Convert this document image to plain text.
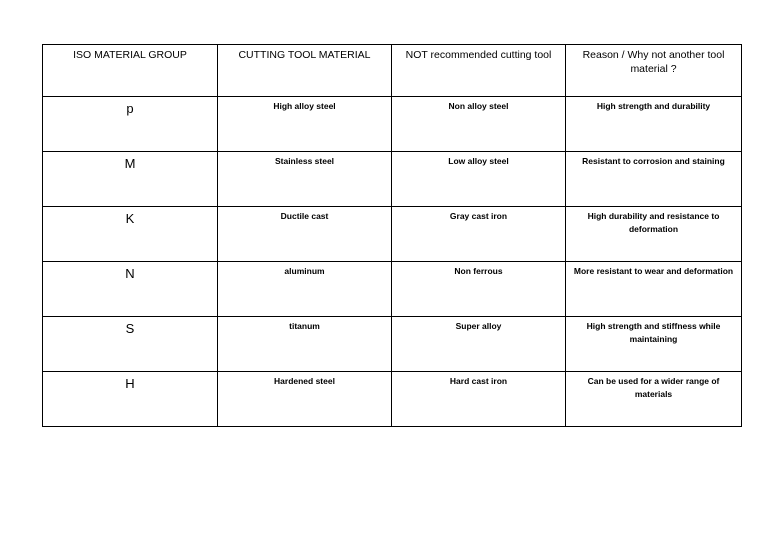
ISO MATERIAL GROUP	CUTTING TOOL MATERIAL	NOT recommended cutting tool	Reason / Why not another tool material ?
p	High alloy steel	Non alloy steel	High strength and durability
M	Stainless steel	Low alloy steel	Resistant to corrosion and staining
K	Ductile cast	Gray cast iron	High durability and resistance to deformation
N	aluminum	Non ferrous	More resistant to wear and deformation
S	titanum	Super alloy	High strength and stiffness while maintaining
H	Hardened steel	Hard cast iron	Can be used for a wider range of materials
